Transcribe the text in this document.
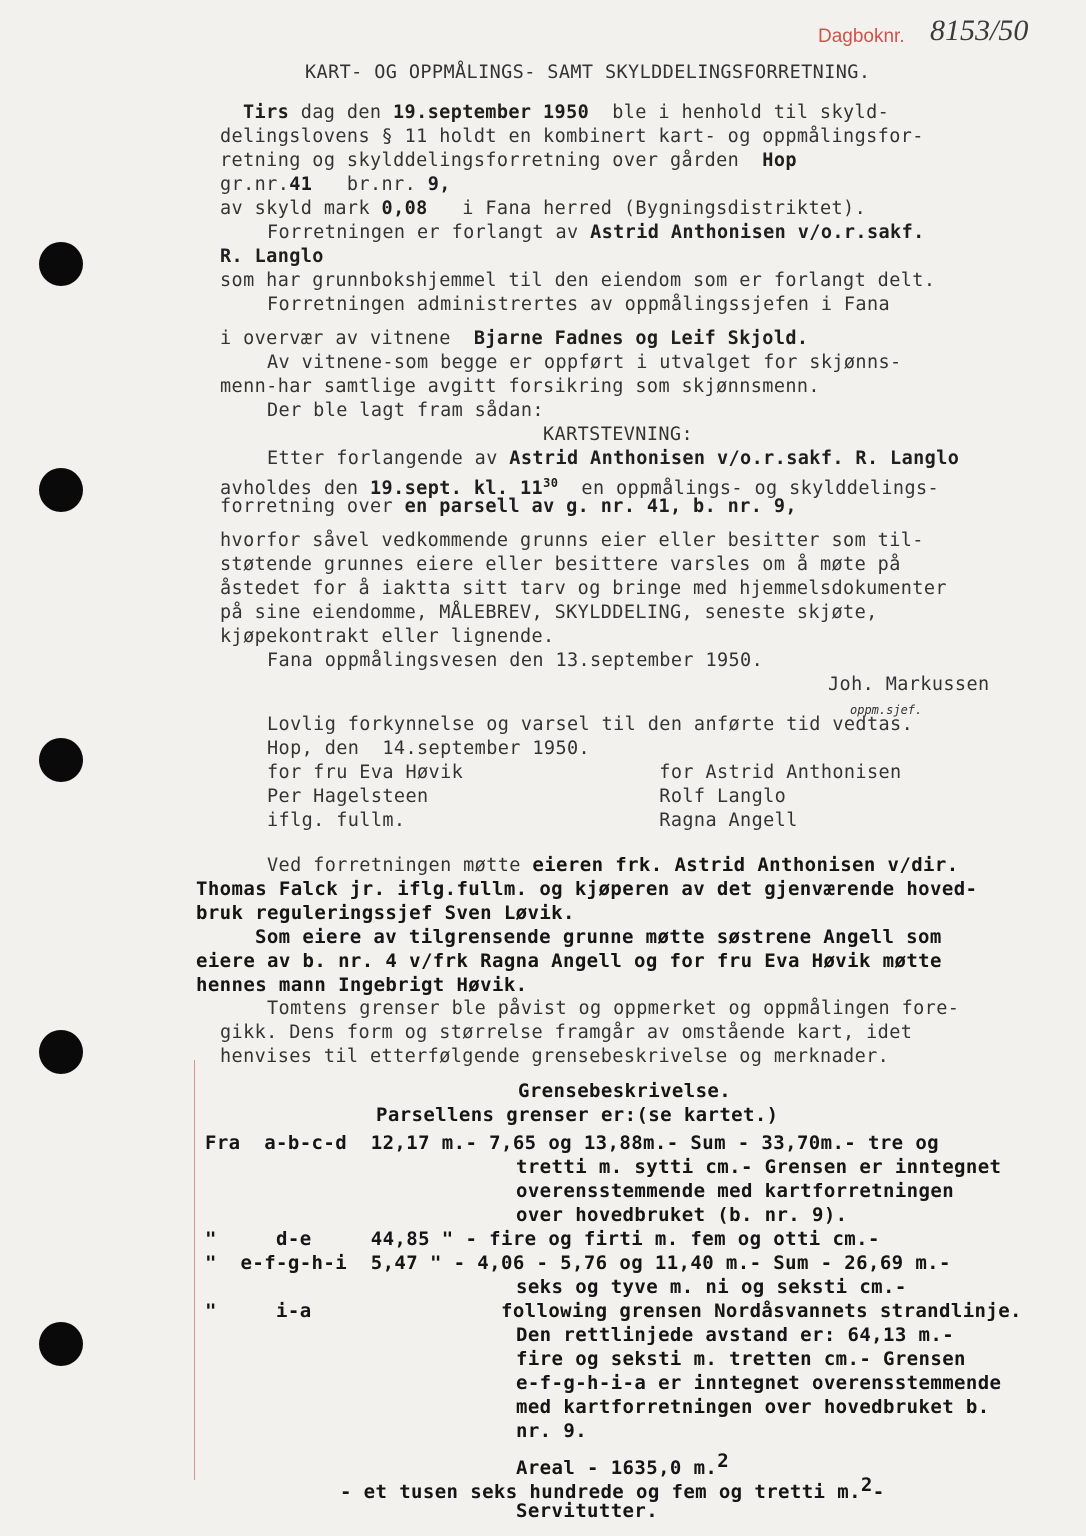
Dagboknr. 8153/50
KART- OG OPPMÅLINGS- SAMT SKYLDDELINGSFORRETNING.
Tirs dag den 19.september 1950  ble i henhold til skyld-
delingslovens § 11 holdt en kombinert kart- og oppmålingsfor-
retning og skylddelingsforretning over gården  Hop
gr.nr.41   br.nr. 9,
av skyld mark 0,08   i Fana herred (Bygningsdistriktet).
Forretningen er forlangt av Astrid Anthonisen v/o.r.sakf.
R. Langlo
som har grunnbokshjemmel til den eiendom som er forlangt delt.
Forretningen administrertes av oppmålingssjefen i Fana
i overvær av vitnene  Bjarne Fadnes og Leif Skjold.
Av vitnene-som begge er oppført i utvalget for skjønns-
menn-har samtlige avgitt forsikring som skjønnsmenn.
Der ble lagt fram sådan:
KARTSTEVNING:
Etter forlangende av Astrid Anthonisen v/o.r.sakf. R. Langlo
avholdes den 19.sept. kl. $11^{30}$  en oppmålings- og skylddelings-
forretning over en parsell av g. nr. 41, b. nr. 9,
hvorfor såvel vedkommende grunns eier eller besitter som til-
støtende grunnes eiere eller besittere varsles om å møte på
åstedet for å iaktta sitt tarv og bringe med hjemmelsdokumenter
på sine eiendomme, MÅLEBREV, SKYLDDELING, seneste skjøte,
kjøpekontrakt eller lignende.
Fana oppmålingsvesen den 13.september 1950.
Joh. Markussen
oppm.sjef.
Lovlig forkynnelse og varsel til den anførte tid vedtas.
Hop, den  14.september 1950.
for fru Eva Høvik                 for Astrid Anthonisen
Per Hagelsteen                    Rolf Langlo
iflg. fullm.                      Ragna Angell
Ved forretningen møtte eieren frk. Astrid Anthonisen v/dir.
Thomas Falck jr. iflg.fullm. og kjøperen av det gjenværende hoved-
bruk reguleringssjef Sven Løvik.
Som eiere av tilgrensende grunne møtte søstrene Angell som
eiere av b. nr. 4 v/frk Ragna Angell og for fru Eva Høvik møtte
hennes mann Ingebrigt Høvik.
Tomtens grenser ble påvist og oppmerket og oppmålingen fore-
gikk. Dens form og størrelse framgår av omstående kart, idet
henvises til etterfølgende grensebeskrivelse og merknader.
Grensebeskrivelse.
Parsellens grenser er:(se kartet.)
Fra  a-b-c-d  12,17 m.- 7,65 og 13,88m.- Sum - 33,70m.- tre og
tretti m. sytti cm.- Grensen er inntegnet
overensstemmende med kartforretningen
over hovedbruket (b. nr. 9).
"     d-e     44,85 " - fire og firti m. fem og otti cm.-
"  e-f-g-h-i  5,47 " - 4,06 - 5,76 og 11,40 m.- Sum - 26,69 m.-
seks og tyve m. ni og seksti cm.-
"     i-a                following grensen Nordåsvannets strandlinje.
Den rettlinjede avstand er: 64,13 m.-
fire og seksti m. tretten cm.- Grensen
e-f-g-h-i-a er inntegnet overensstemmende
med kartforretningen over hovedbruket b.
nr. 9.
Areal - 1635,0 m.$^2$
- et tusen seks hundrede og fem og tretti m.$^2$-
Servitutter.
